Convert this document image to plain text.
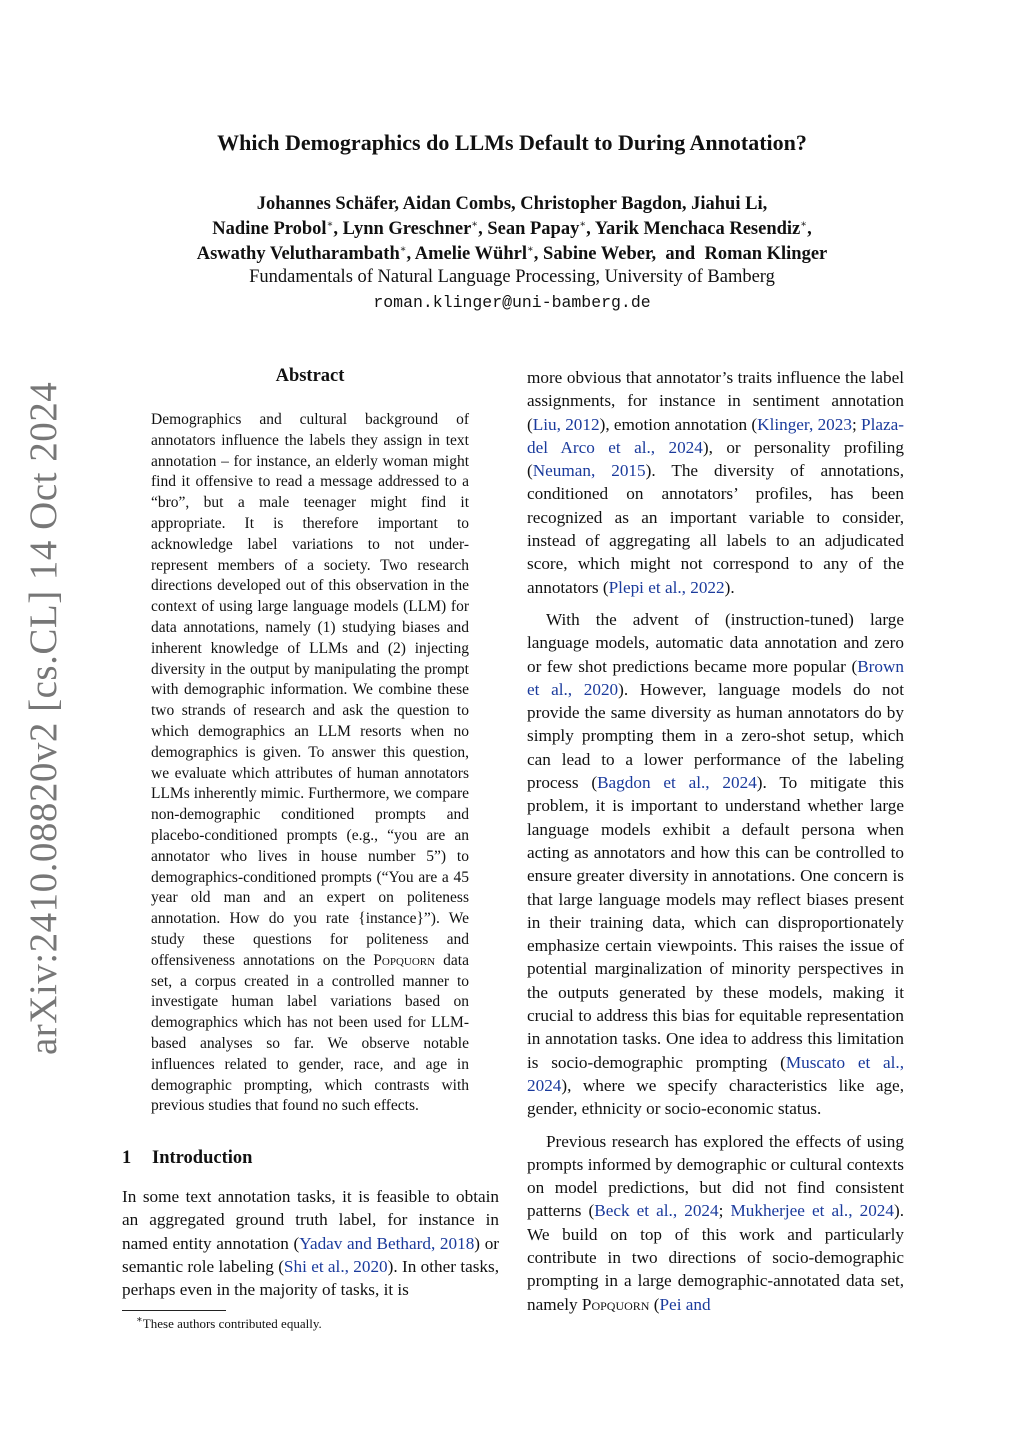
arXiv:2410.08820v2 [cs.CL] 14 Oct 2024
Which Demographics do LLMs Default to During Annotation?
Johannes Schäfer, Aidan Combs, Christopher Bagdon, Jiahui Li,
Nadine Probol∗, Lynn Greschner∗, Sean Papay∗, Yarik Menchaca Resendiz∗,
Aswathy Velutharambath∗, Amelie Wührl∗, Sabine Weber,  and Roman Klinger
Fundamentals of Natural Language Processing, University of Bamberg
roman.klinger@uni-bamberg.de
Abstract
Demographics and cultural background of annotators influence the labels they assign in text annotation – for instance, an elderly woman might find it offensive to read a message addressed to a “bro”, but a male teenager might find it appropriate. It is therefore important to acknowledge label variations to not under-represent members of a society. Two research directions developed out of this observation in the context of using large language models (LLM) for data annotations, namely (1) studying biases and inherent knowledge of LLMs and (2) injecting diversity in the output by manipulating the prompt with demographic information. We combine these two strands of research and ask the question to which demographics an LLM resorts when no demographics is given. To answer this question, we evaluate which attributes of human annotators LLMs inherently mimic. Furthermore, we compare non-demographic conditioned prompts and placebo-conditioned prompts (e.g., “you are an annotator who lives in house number 5”) to demographics-conditioned prompts (“You are a 45 year old man and an expert on politeness annotation. How do you rate {instance}”). We study these questions for politeness and offensiveness annotations on the Popquorn data set, a corpus created in a controlled manner to investigate human label variations based on demographics which has not been used for LLM-based analyses so far. We observe notable influences related to gender, race, and age in demographic prompting, which contrasts with previous studies that found no such effects.
1 Introduction
In some text annotation tasks, it is feasible to obtain an aggregated ground truth label, for instance in named entity annotation (Yadav and Bethard, 2018) or semantic role labeling (Shi et al., 2020). In other tasks, perhaps even in the majority of tasks, it is
∗These authors contributed equally.

more obvious that annotator’s traits influence the label assignments, for instance in sentiment annotation (Liu, 2012), emotion annotation (Klinger, 2023; Plaza-del Arco et al., 2024), or personality profiling (Neuman, 2015). The diversity of annotations, conditioned on annotators’ profiles, has been recognized as an important variable to consider, instead of aggregating all labels to an adjudicated score, which might not correspond to any of the annotators (Plepi et al., 2022).

With the advent of (instruction-tuned) large language models, automatic data annotation and zero or few shot predictions became more popular (Brown et al., 2020). However, language models do not provide the same diversity as human annotators do by simply prompting them in a zero-shot setup, which can lead to a lower performance of the labeling process (Bagdon et al., 2024). To mitigate this problem, it is important to understand whether large language models exhibit a default persona when acting as annotators and how this can be controlled to ensure greater diversity in annotations. One concern is that large language models may reflect biases present in their training data, which can disproportionately emphasize certain viewpoints. This raises the issue of potential marginalization of minority perspectives in the outputs generated by these models, making it crucial to address this bias for equitable representation in annotation tasks. One idea to address this limitation is socio-demographic prompting (Muscato et al., 2024), where we specify characteristics like age, gender, ethnicity or socio-economic status.

Previous research has explored the effects of using prompts informed by demographic or cultural contexts on model predictions, but did not find consistent patterns (Beck et al., 2024; Mukherjee et al., 2024). We build on top of this work and particularly contribute in two directions of socio-demographic prompting in a large demographic-annotated data set, namely Popquorn (Pei and
